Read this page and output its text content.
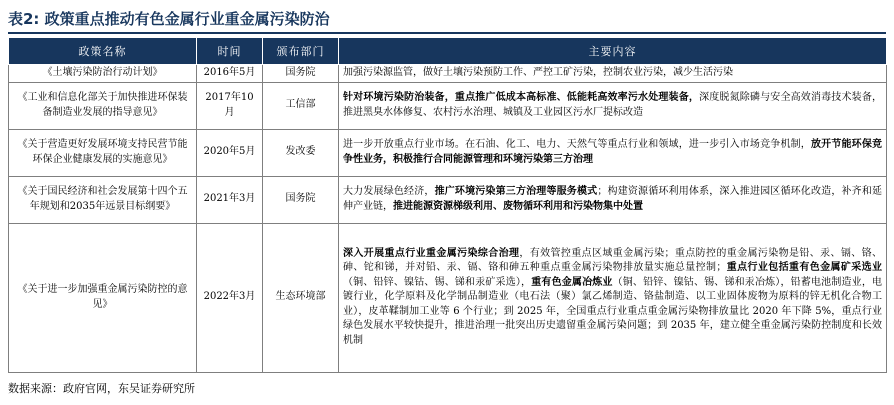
表2: 政策重点推动有色金属行业重金属污染防治
政策名称	时间	颁布部门	主要内容
《土壤污染防治行动计划》	2016年5月	国务院	加强污染源监管，做好土壤污染预防工作、严控工矿污染，控制农业污染，减少生活污染
《工业和信息化部关于加快推进环保装备制造业发展的指导意见》	2017年10月	工信部	针对环境污染防治装备，重点推广低成本高标准、低能耗高效率污水处理装备，深度脱氮除磷与安全高效消毒技术装备，推进黑臭水体修复、农村污水治理、城镇及工业园区污水厂提标改造
《关于营造更好发展环境支持民营节能环保企业健康发展的实施意见》	2020年5月	发改委	进一步开放重点行业市场。在石油、化工、电力、天然气等重点行业和领域，进一步引入市场竞争机制，放开节能环保竞争性业务，积极推行合同能源管理和环境污染第三方治理
《关于国民经济和社会发展第十四个五年规划和2035年远景目标纲要》	2021年3月	国务院	大力发展绿色经济，推广环境污染第三方治理等服务模式；构建资源循环利用体系，深入推进园区循环化改造，补齐和延伸产业链，推进能源资源梯级利用、废物循环利用和污染物集中处置
《关于进一步加强重金属污染防控的意见》	2022年3月	生态环境部	深入开展重点行业重金属污染综合治理，有效管控重点区域重金属污染；重点防控的重金属污染物是铅、汞、镉、铬、砷、铊和锑，并对铅、汞、镉、铬和砷五种重点重金属污染物排放量实施总量控制；重点行业包括重有色金属矿采选业（铜、铅锌、镍钴、锡、锑和汞矿采选），重有色金属冶炼业（铜、铅锌、镍钴、锡、锑和汞冶炼），铅蓄电池制造业，电镀行业，化学原料及化学制品制造业（电石法（聚）氯乙烯制造、铬盐制造、以工业固体废物为原料的锌无机化合物工业），皮革鞣制加工业等 6 个行业；到 2025 年，全国重点行业重点重金属污染物排放量比 2020 年下降 5%，重点行业绿色发展水平较快提升，推进治理一批突出历史遗留重金属污染问题；到 2035 年，建立健全重金属污染防控制度和长效机制
数据来源：政府官网，东吴证券研究所
